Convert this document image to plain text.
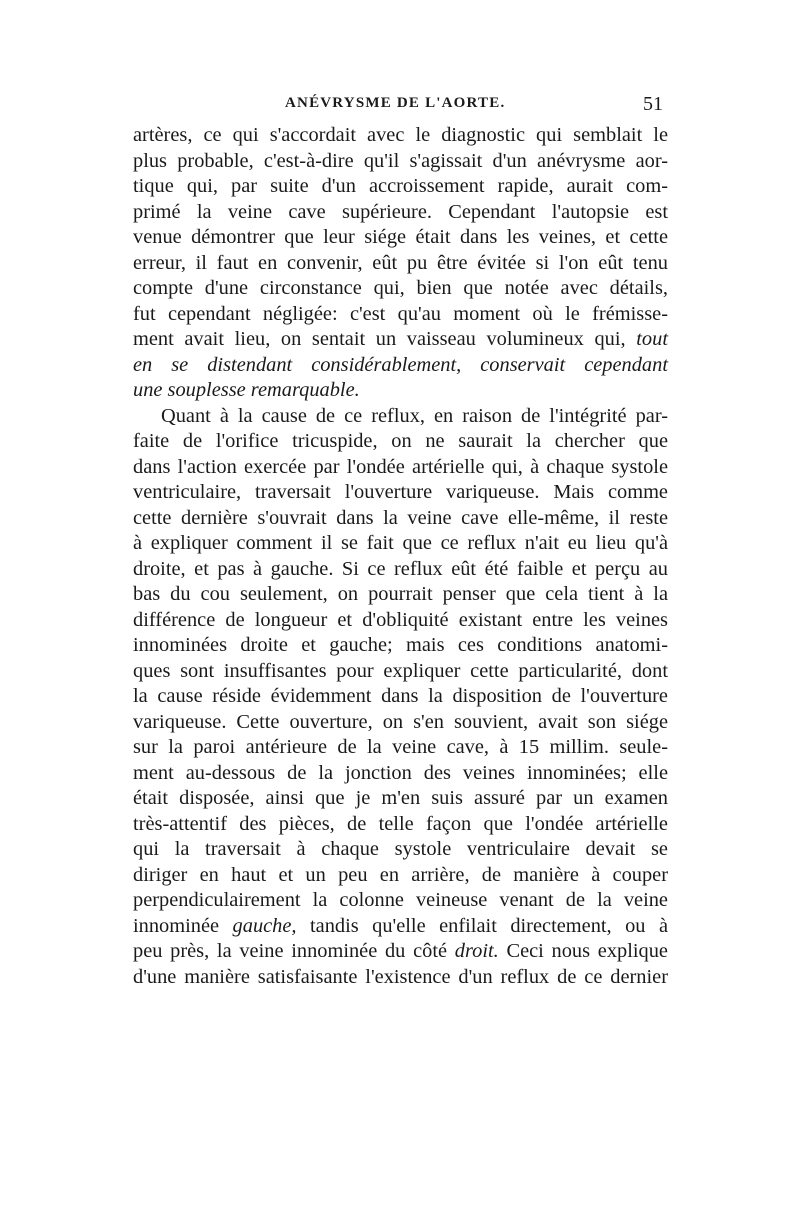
ANÉVRYSME DE L'AORTE.	51
artères, ce qui s'accordait avec le diagnostic qui semblait le
plus probable, c'est-à-dire qu'il s'agissait d'un anévrysme aor-
tique qui, par suite d'un accroissement rapide, aurait com-
primé la veine cave supérieure. Cependant l'autopsie est
venue démontrer que leur siége était dans les veines, et cette
erreur, il faut en convenir, eût pu être évitée si l'on eût tenu
compte d'une circonstance qui, bien que notée avec détails,
fut cependant négligée: c'est qu'au moment où le frémisse-
ment avait lieu, on sentait un vaisseau volumineux qui, tout
en se distendant considérablement, conservait cependant
une souplesse remarquable.
Quant à la cause de ce reflux, en raison de l'intégrité par-
faite de l'orifice tricuspide, on ne saurait la chercher que
dans l'action exercée par l'ondée artérielle qui, à chaque systole
ventriculaire, traversait l'ouverture variqueuse. Mais comme
cette dernière s'ouvrait dans la veine cave elle-même, il reste
à expliquer comment il se fait que ce reflux n'ait eu lieu qu'à
droite, et pas à gauche. Si ce reflux eût été faible et perçu au
bas du cou seulement, on pourrait penser que cela tient à la
différence de longueur et d'obliquité existant entre les veines
innominées droite et gauche; mais ces conditions anatomi-
ques sont insuffisantes pour expliquer cette particularité, dont
la cause réside évidemment dans la disposition de l'ouverture
variqueuse. Cette ouverture, on s'en souvient, avait son siége
sur la paroi antérieure de la veine cave, à 15 millim. seule-
ment au-dessous de la jonction des veines innominées; elle
était disposée, ainsi que je m'en suis assuré par un examen
très-attentif des pièces, de telle façon que l'ondée artérielle
qui la traversait à chaque systole ventriculaire devait se
diriger en haut et un peu en arrière, de manière à couper
perpendiculairement la colonne veineuse venant de la veine
innominée gauche, tandis qu'elle enfilait directement, ou à
peu près, la veine innominée du côté droit. Ceci nous explique
d'une manière satisfaisante l'existence d'un reflux de ce dernier
